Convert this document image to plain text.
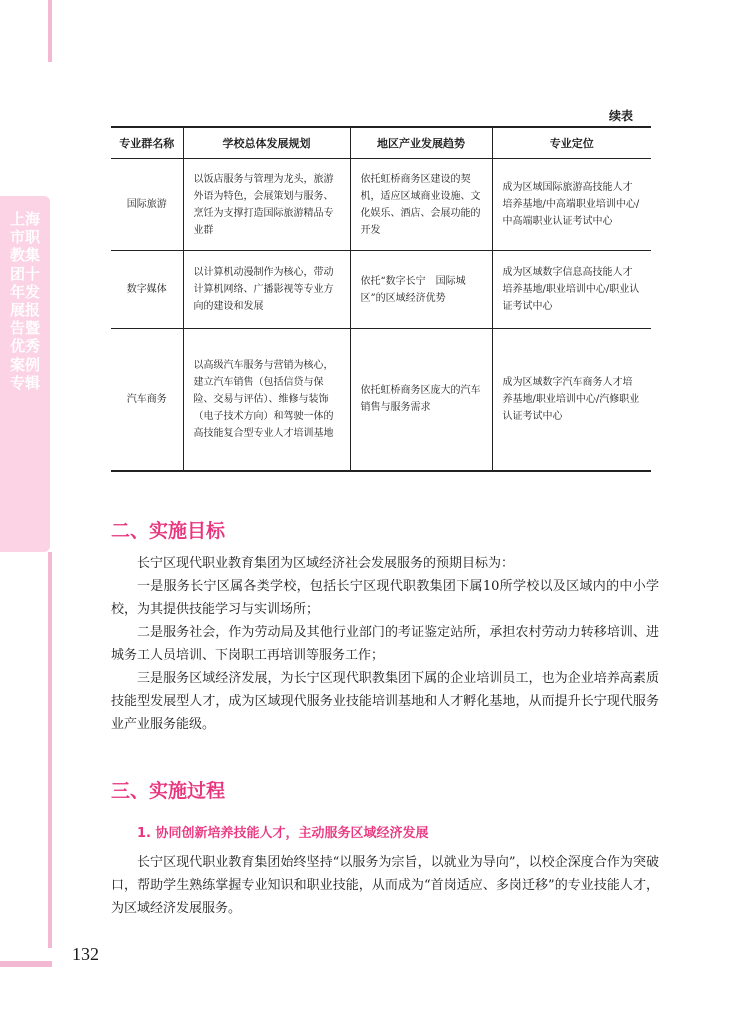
上海市职教集团十年发展报告暨优秀案例专辑
续表
专业群名称	学校总体发展规划	地区产业发展趋势	专业定位
国际旅游	以饭店服务与管理为龙头，旅游外语为特色，会展策划与服务、烹饪为支撑打造国际旅游精品专业群	依托虹桥商务区建设的契机，适应区域商业设施、文化娱乐、酒店、会展功能的开发	成为区域国际旅游高技能人才培养基地/中高端职业培训中心/中高端职业认证考试中心
数字媒体	以计算机动漫制作为核心，带动计算机网络、广播影视等专业方向的建设和发展	依托“数字长宁　国际城区”的区域经济优势	成为区域数字信息高技能人才培养基地/职业培训中心/职业认证考试中心
汽车商务	以高级汽车服务与营销为核心，建立汽车销售（包括信贷与保险、交易与评估）、维修与装饰（电子技术方向）和驾驶一体的高技能复合型专业人才培训基地	依托虹桥商务区庞大的汽车销售与服务需求	成为区域数字汽车商务人才培养基地/职业培训中心/汽修职业认证考试中心
二、实施目标
长宁区现代职业教育集团为区域经济社会发展服务的预期目标为：
一是服务长宁区属各类学校，包括长宁区现代职教集团下属10所学校以及区域内的中小学校，为其提供技能学习与实训场所；
二是服务社会，作为劳动局及其他行业部门的考证鉴定站所，承担农村劳动力转移培训、进城务工人员培训、下岗职工再培训等服务工作；
三是服务区域经济发展，为长宁区现代职教集团下属的企业培训员工，也为企业培养高素质技能型发展型人才，成为区域现代服务业技能培训基地和人才孵化基地，从而提升长宁现代服务业产业服务能级。
三、实施过程
1. 协同创新培养技能人才，主动服务区域经济发展
长宁区现代职业教育集团始终坚持“以服务为宗旨，以就业为导向”，以校企深度合作为突破口，帮助学生熟练掌握专业知识和职业技能，从而成为“首岗适应、多岗迁移”的专业技能人才，为区域经济发展服务。
132
